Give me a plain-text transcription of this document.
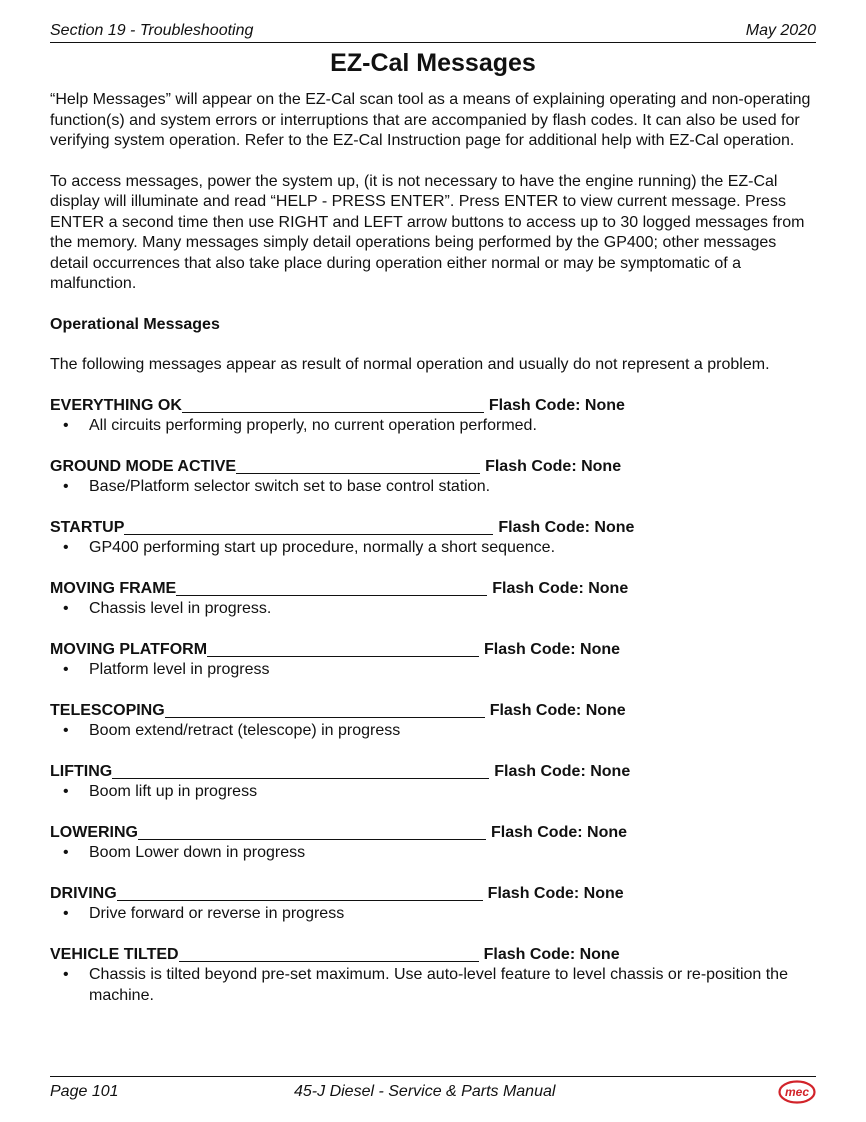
Section 19 - Troubleshooting	May 2020
EZ-Cal Messages

“Help Messages” will appear on the EZ-Cal scan tool as a means of explaining operating and non-operating function(s) and system errors or interruptions that are accompanied by flash codes. It can also be used for verifying system operation. Refer to the EZ-Cal Instruction page for additional help with EZ-Cal operation.

To access messages, power the system up, (it is not necessary to have the engine running) the EZ-Cal display will illuminate and read “HELP - PRESS ENTER”. Press ENTER to view current message. Press ENTER a second time then use RIGHT and LEFT arrow buttons to access up to 30 logged messages from the memory. Many messages simply detail operations being performed by the GP400; other messages detail occurrences that also take place during operation either normal or may be symptomatic of a malfunction.

Operational Messages

The following messages appear as result of normal operation and usually do not represent a problem.

EVERYTHING OK	Flash Code: None
• All circuits performing properly, no current operation performed.
GROUND MODE ACTIVE	Flash Code: None
• Base/Platform selector switch set to base control station.
STARTUP	Flash Code: None
• GP400 performing start up procedure, normally a short sequence.
MOVING FRAME	Flash Code: None
• Chassis level in progress.
MOVING PLATFORM	Flash Code: None
• Platform level in progress
TELESCOPING	Flash Code: None
• Boom extend/retract (telescope) in progress
LIFTING	Flash Code: None
• Boom lift up in progress
LOWERING	Flash Code: None
• Boom Lower down in progress
DRIVING	Flash Code: None
• Drive forward or reverse in progress
VEHICLE TILTED	Flash Code: None
• Chassis is tilted beyond pre-set maximum. Use auto-level feature to level chassis or re-position the machine.
Page 101	45-J Diesel - Service & Parts Manual	mec
